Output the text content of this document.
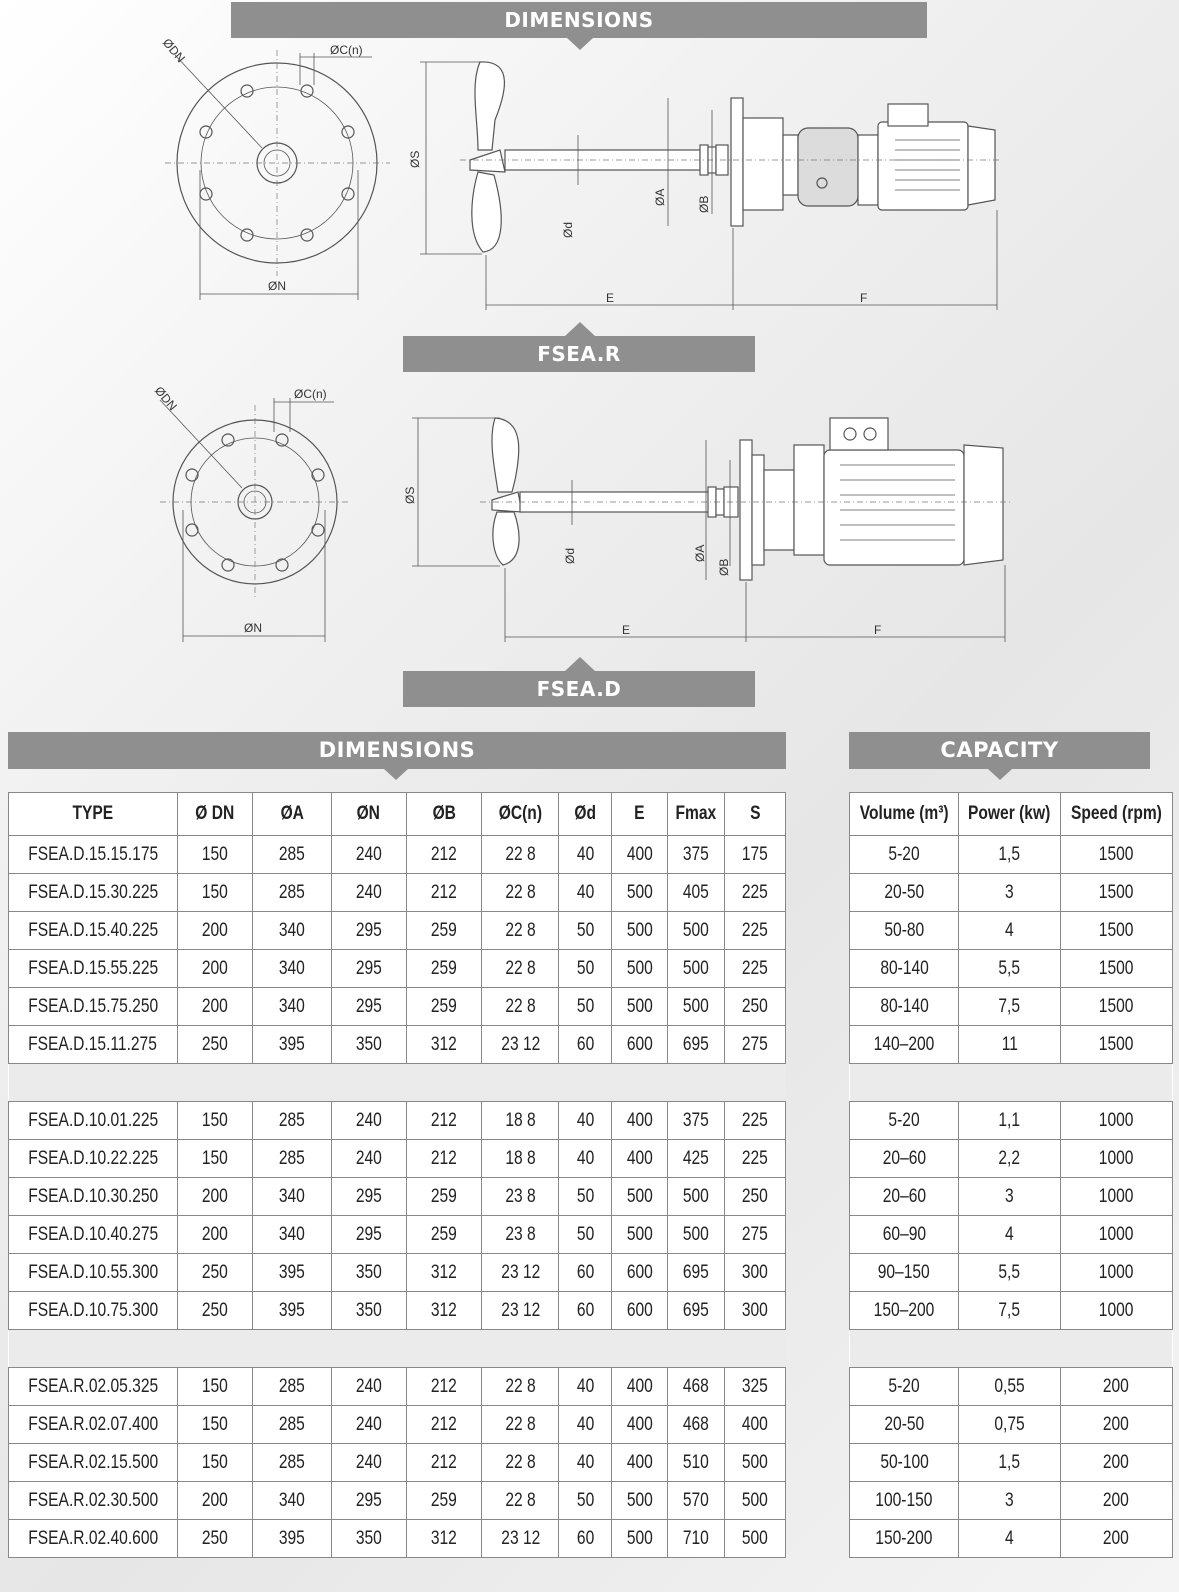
DIMENSIONS
ØDN	ØC(n)
ØN
ØS
Ød
ØA	ØB
E	F
ØDN	ØC(n)
ØN
ØS
Ød	ØA
ØB
E	F
FSEA.R
FSEA.D
DIMENSIONS	CAPACITY
TYPE	Ø DN	ØA	ØN	ØB	ØC(n)	Ød	E	Fmax	S
FSEA.D.15.15.175	150	285	240	212	22 8	40	400	375	175
FSEA.D.15.30.225	150	285	240	212	22 8	40	500	405	225
FSEA.D.15.40.225	200	340	295	259	22 8	50	500	500	225
FSEA.D.15.55.225	200	340	295	259	22 8	50	500	500	225
FSEA.D.15.75.250	200	340	295	259	22 8	50	500	500	250
FSEA.D.15.11.275	250	395	350	312	23 12	60	600	695	275

FSEA.D.10.01.225	150	285	240	212	18 8	40	400	375	225
FSEA.D.10.22.225	150	285	240	212	18 8	40	400	425	225
FSEA.D.10.30.250	200	340	295	259	23 8	50	500	500	250
FSEA.D.10.40.275	200	340	295	259	23 8	50	500	500	275
FSEA.D.10.55.300	250	395	350	312	23 12	60	600	695	300
FSEA.D.10.75.300	250	395	350	312	23 12	60	600	695	300

FSEA.R.02.05.325	150	285	240	212	22 8	40	400	468	325
FSEA.R.02.07.400	150	285	240	212	22 8	40	400	468	400
FSEA.R.02.15.500	150	285	240	212	22 8	40	400	510	500
FSEA.R.02.30.500	200	340	295	259	22 8	50	500	570	500
FSEA.R.02.40.600	250	395	350	312	23 12	60	500	710	500
Volume (m³)	Power (kw)	Speed (rpm)
5-20	1,5	1500
20-50	3	1500
50-80	4	1500
80-140	5,5	1500
80-140	7,5	1500
140–200	11	1500

5-20	1,1	1000
20–60	2,2	1000
20–60	3	1000
60–90	4	1000
90–150	5,5	1000
150–200	7,5	1000

5-20	0,55	200
20-50	0,75	200
50-100	1,5	200
100-150	3	200
150-200	4	200
